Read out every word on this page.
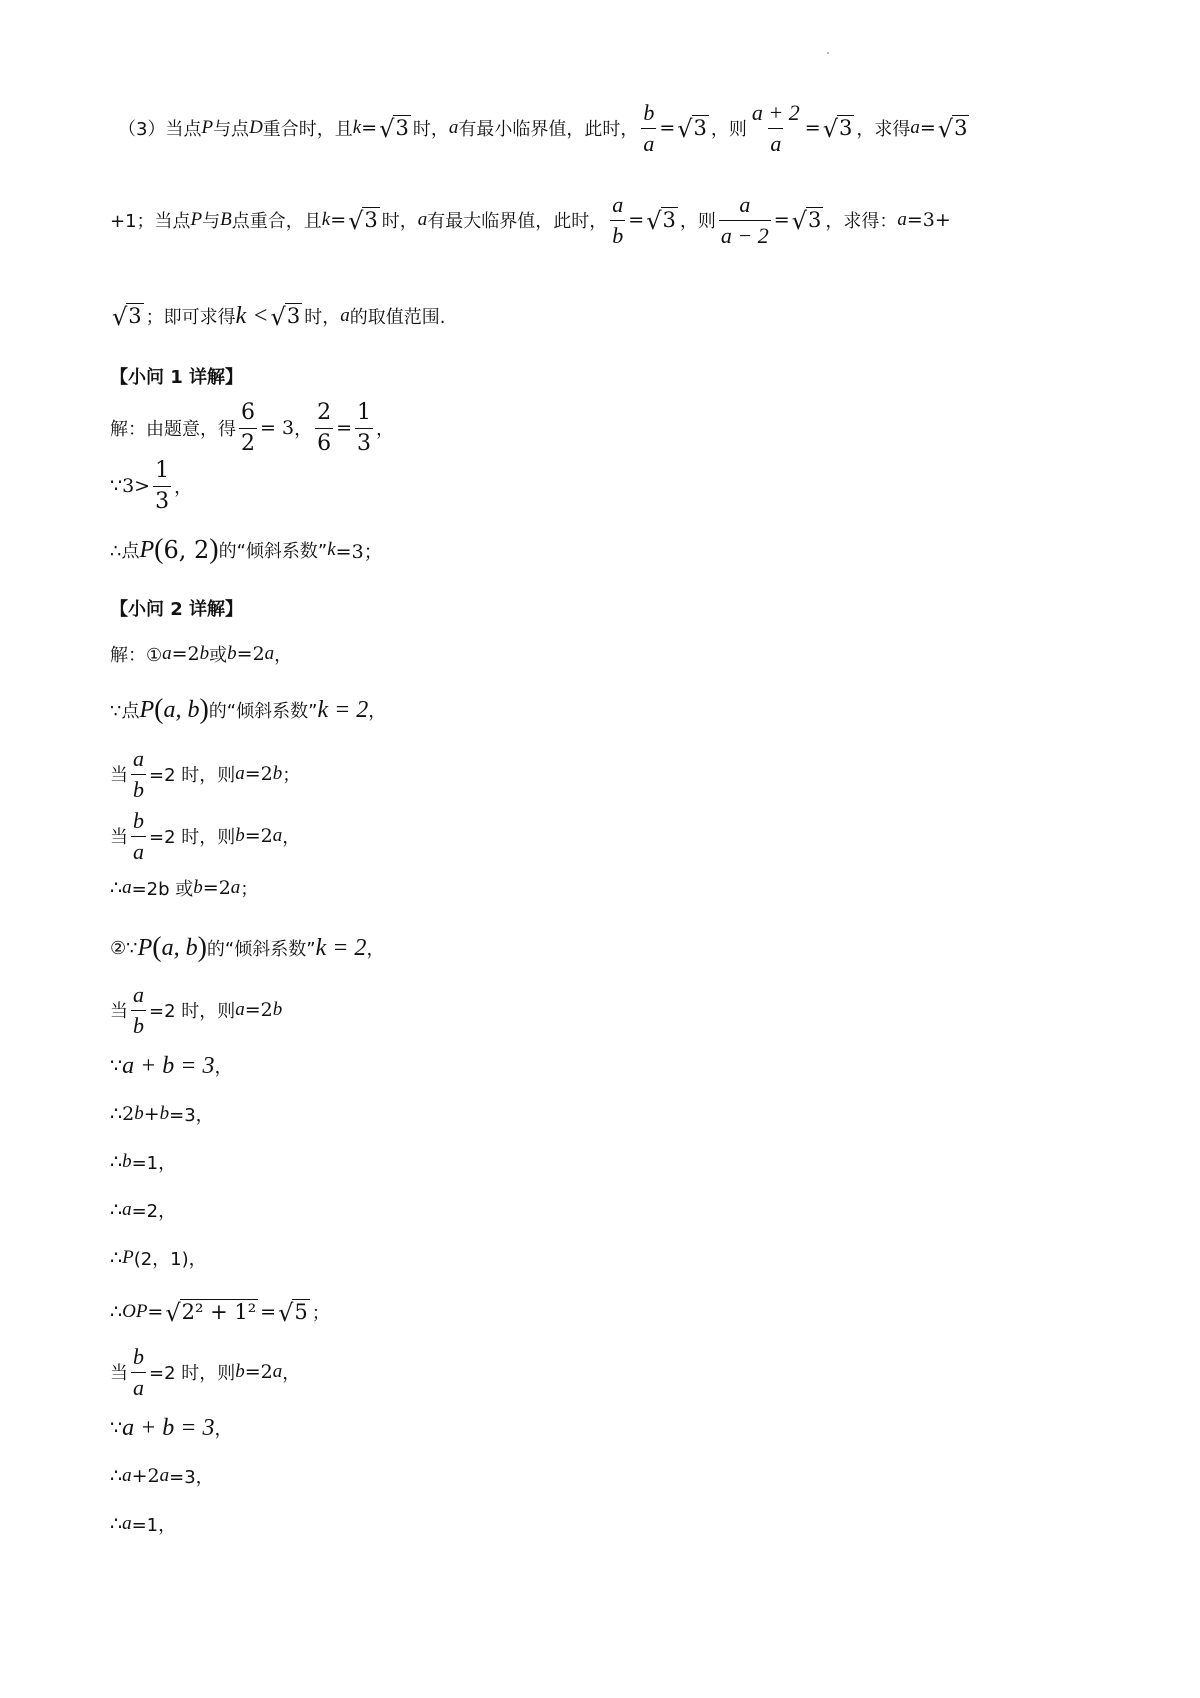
（3）当点 P 与点 D 重合时，且 k = √ 3 时， a 有最小临界值，此时， $\frac{b}{a}$ = √ 3 ，则 $\frac{a + 2}{a}$ = √ 3 ，求得 a = √ 3
+1；当点 P 与 B 点重合，且 k = √ 3 时， a 有最大临界值，此时， $\frac{a}{b}$ = √ 3 ，则 $\frac{a}{a - 2}$ = √ 3 ，求得： a =3+
√ 3 ；即可求得 k < √ 3 时， a 的取值范围.
【小问 1 详解】
解：由题意，得 $\frac{6}{2} = 3$ ， $\frac{2}{6} = \frac{1}{3}$ ，
∵3> $\frac{1}{3}$ ，
∴点 P ( 6, 2 ) 的“倾斜系数” k =3；
【小问 2 详解】
解：① a =2 b 或 b =2 a ，
∵点 P ( a, b ) 的“倾斜系数” k = 2 ，
当 $\frac{a}{b} =2$ 时，则 a =2 b ；
当 $\frac{b}{a} =2$ 时，则 b =2 a ，
∴ a =2b 或 b =2 a ；
②∵ P ( a, b ) 的“倾斜系数” k = 2 ，
当 $\frac{a}{b} =2$ 时，则 a =2 b
∵ a + b = 3 ，
∴2 b + b =3，
∴ b =1，
∴ a =2，
∴ P (2，1)，
∴ OP = √ 2² + 1² = √ 5 ；
当 $\frac{b}{a} =2$ 时，则 b =2 a ，
∵ a + b = 3 ，
∴ a +2 a =3，
∴ a =1，
